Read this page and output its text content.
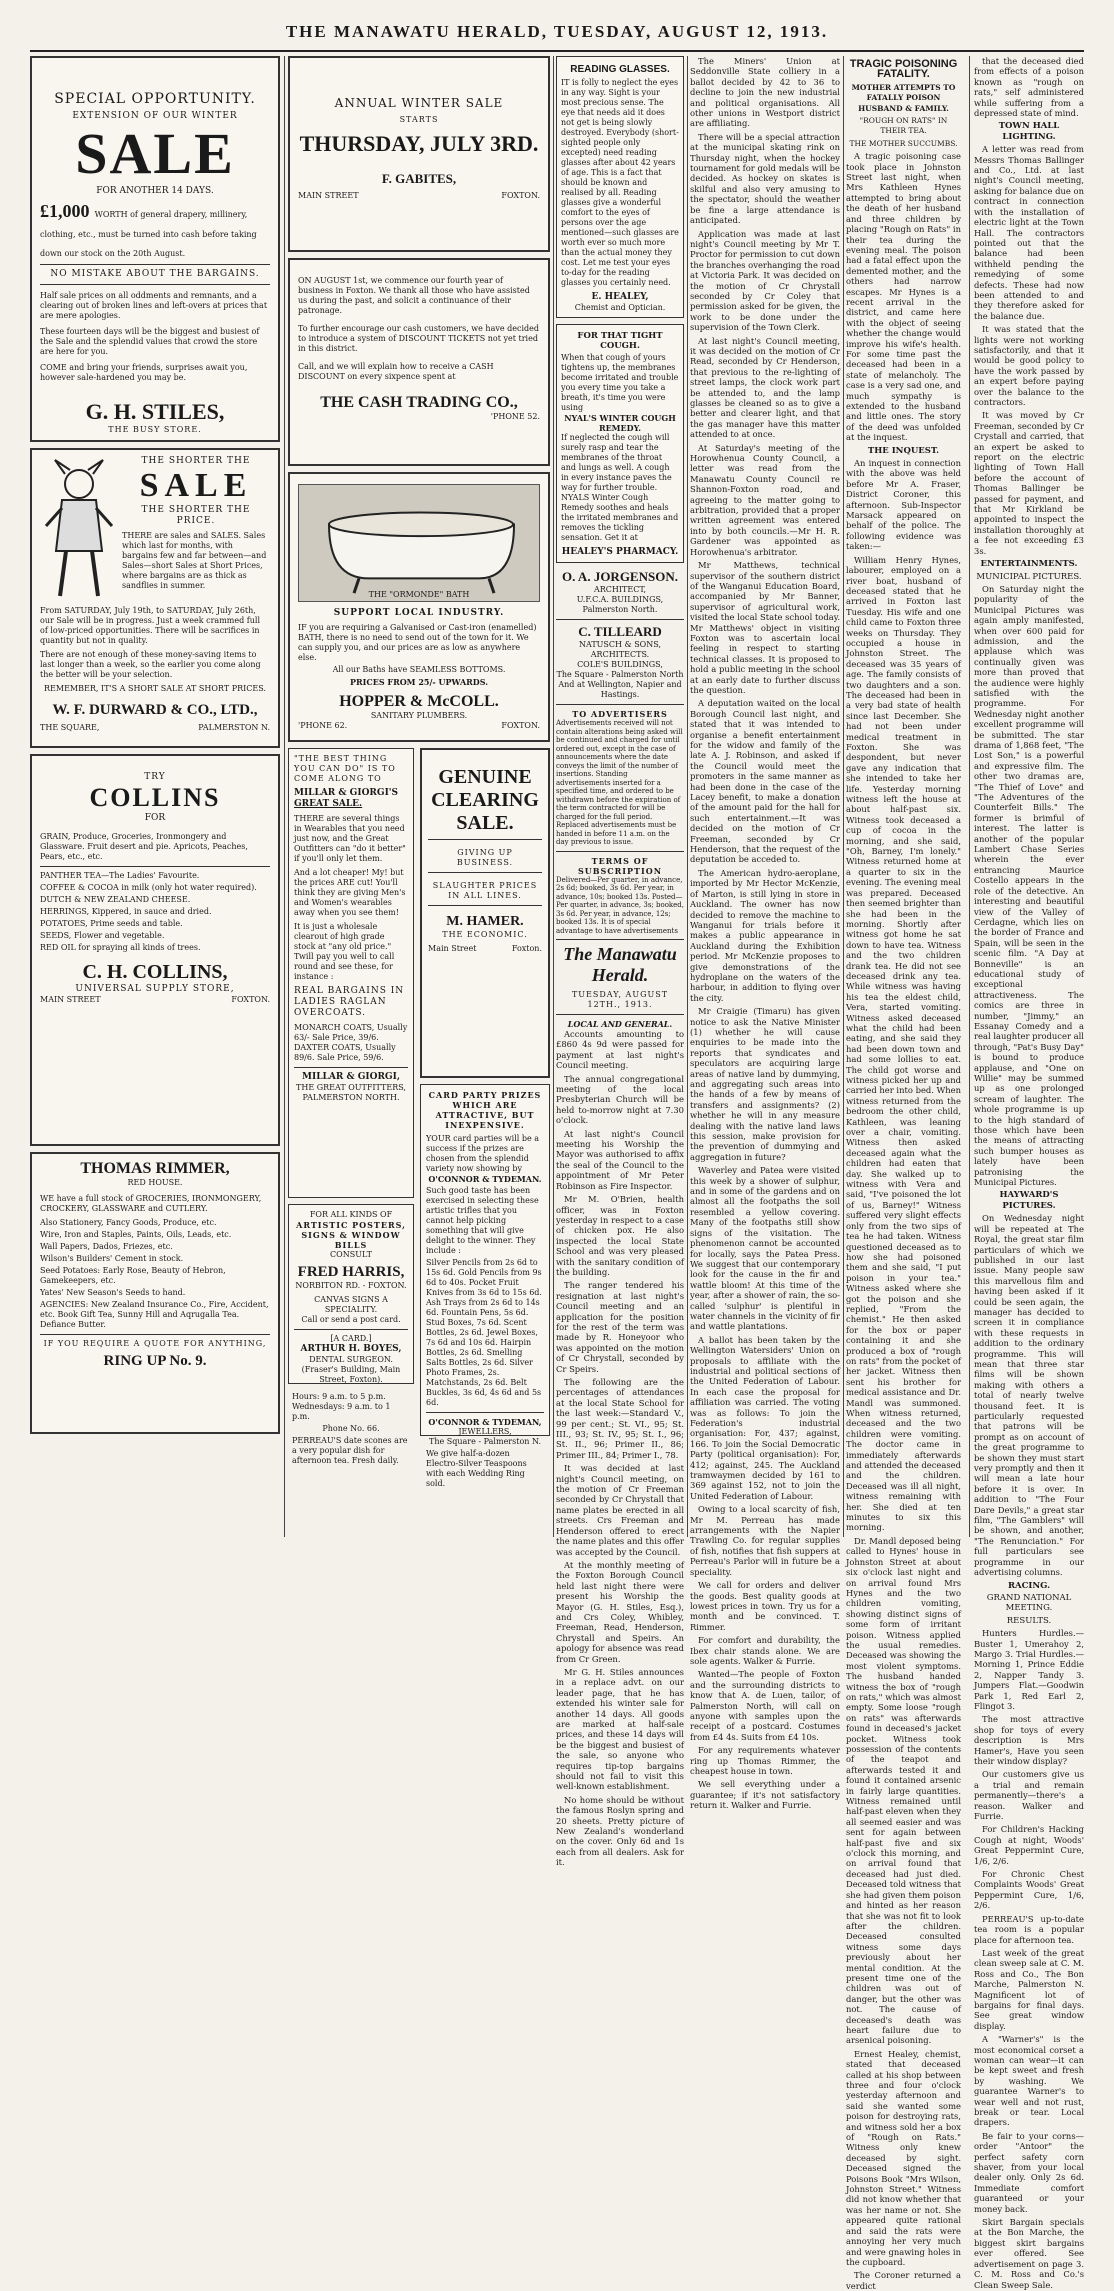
THE MANAWATU HERALD, TUESDAY, AUGUST 12, 1913.
SPECIAL OPPORTUNITY.
EXTENSION OF OUR WINTER
SALE
FOR ANOTHER 14 DAYS.
£1,000 WORTH of general drapery, millinery, clothing, etc., must be turned into cash before taking down our stock on the 20th August.
NO MISTAKE ABOUT THE BARGAINS.
Half sale prices on all oddments and remnants, and a clearing out of broken lines and left-overs at prices that are mere apologies.
These fourteen days will be the biggest and busiest of the Sale and the splendid values that crowd the store are here for you.
COME and bring your friends, surprises await you, however sale-hardened you may be.
G. H. STILES,
THE BUSY STORE.
THE SHORTER THE
SALE
THE SHORTER THE PRICE.
THERE are sales and SALES. Sales which last for months, with bargains few and far between—and Sales—short Sales at Short Prices, where bargains are as thick as sandflies in summer.
From SATURDAY, July 19th, to SATURDAY, July 26th, our Sale will be in progress. Just a week crammed full of low-priced opportunities. There will be sacrifices in quantity but not in quality.
There are not enough of these money-saving items to last longer than a week, so the earlier you come along the better will be your selection.
REMEMBER, IT'S A SHORT SALE AT SHORT PRICES.
W. F. DURWARD & CO., LTD.,
THE SQUARE,	PALMERSTON N.
TRY
COLLINS
FOR
GRAIN, Produce, Groceries, Ironmongery and Glassware. Fruit desert and pie. Apricots, Peaches, Pears, etc., etc.

PANTHER TEA—The Ladies' Favourite.

COFFEE & COCOA in milk (only hot water required).

DUTCH & NEW ZEALAND CHEESE.

HERRINGS, Kippered, in sauce and dried.

POTATOES, Prime seeds and table.

SEEDS, Flower and vegetable.

RED OIL for spraying all kinds of trees.

C. H. COLLINS,
UNIVERSAL SUPPLY STORE,
MAIN STREET	FOXTON.
THOMAS RIMMER,
RED HOUSE.
WE have a full stock of GROCERIES, IRONMONGERY, CROCKERY, GLASSWARE and CUTLERY.

Also Stationery, Fancy Goods, Produce, etc.

Wire, Iron and Staples, Paints, Oils, Leads, etc.

Wall Papers, Dados, Friezes, etc.

Wilson's Builders' Cement in stock.

Seed Potatoes: Early Rose, Beauty of Hebron, Gamekeepers, etc.

Yates' New Season's Seeds to hand.

AGENCIES: New Zealand Insurance Co., Fire, Accident, etc. Book Gift Tea, Sunny Hill and Aqrugalla Tea. Defiance Butter.

IF YOU REQUIRE A QUOTE FOR ANYTHING,
RING UP No. 9.
ANNUAL WINTER SALE
STARTS
THURSDAY, JULY 3RD.
F. GABITES,
MAIN STREET	FOXTON.
ON AUGUST 1st, we commence our fourth year of business in Foxton. We thank all those who have assisted us during the past, and solicit a continuance of their patronage.
To further encourage our cash customers, we have decided to introduce a system of DISCOUNT TICKETS not yet tried in this district.
Call, and we will explain how to receive a CASH DISCOUNT on every sixpence spent at
THE CASH TRADING CO.,
'PHONE 52.
THE "ORMONDE" BATH
SUPPORT LOCAL INDUSTRY.
IF you are requiring a Galvanised or Cast-iron (enamelled) BATH, there is no need to send out of the town for it. We can supply you, and our prices are as low as anywhere else.
All our Baths have SEAMLESS BOTTOMS.
PRICES FROM 25/- UPWARDS.
HOPPER & McCOLL.
SANITARY PLUMBERS.
'PHONE 62.	FOXTON.
"THE BEST THING YOU CAN DO" IS TO COME ALONG TO
MILLAR & GIORGI'S
GREAT SALE.
THERE are several things in Wearables that you need just now, and the Great Outfitters can "do it better" if you'll only let them.
And a lot cheaper! My! but the prices ARE cut! You'll think they are giving Men's and Women's wearables away when you see them!
It is just a wholesale clearout of high grade stock at "any old price." Twill pay you well to call round and see these, for instance :
REAL BARGAINS IN LADIES RAGLAN OVERCOATS.
MONARCH COATS, Usually 63/- Sale Price, 39/6.
DAXTER COATS, Usually 89/6. Sale Price, 59/6.
MILLAR & GIORGI,
THE GREAT OUTFITTERS,
PALMERSTON NORTH.
FOR ALL KINDS OF
ARTISTIC POSTERS, SIGNS & WINDOW BILLS
CONSULT
FRED HARRIS,
NORBITON RD. - FOXTON.
CANVAS SIGNS A SPECIALITY.
Call or send a post card.
[A CARD.]
ARTHUR H. BOYES,
DENTAL SURGEON.
(Fraser's Building, Main Street, Foxton).
Hours: 9 a.m. to 5 p.m. Wednesdays: 9 a.m. to 1 p.m.
Phone No. 66.
PERREAU'S date scones are a very popular dish for afternoon tea. Fresh daily.
GENUINE
CLEARING
SALE.
GIVING UP BUSINESS.
SLAUGHTER PRICES IN ALL LINES.
M. HAMER.
THE ECONOMIC.
Main Street	Foxton.
CARD PARTY PRIZES WHICH ARE ATTRACTIVE, BUT INEXPENSIVE.
YOUR card parties will be a success if the prizes are chosen from the splendid variety now showing by
O'CONNOR & TYDEMAN.
Such good taste has been exercised in selecting these artistic trifles that you cannot help picking something that will give delight to the winner. They include :
Silver Pencils from 2s 6d to 15s 6d. Gold Pencils from 9s 6d to 40s. Pocket Fruit Knives from 3s 6d to 15s 6d. Ash Trays from 2s 6d to 14s 6d. Fountain Pens, 5s 6d. Stud Boxes, 7s 6d. Scent Bottles, 2s 6d. Jewel Boxes, 7s 6d and 10s 6d. Hairpin Bottles, 2s 6d. Smelling Salts Bottles, 2s 6d. Silver Photo Frames, 2s. Matchstands, 2s 6d. Belt Buckles, 3s 6d, 4s 6d and 5s 6d.
O'CONNOR & TYDEMAN,
JEWELLERS,
The Square - Palmerston N.
We give half-a-dozen Electro-Silver Teaspoons with each Wedding Ring sold.
READING GLASSES.
IT is folly to neglect the eyes in any way. Sight is your most precious sense. The eye that needs aid it does not get is being slowly destroyed. Everybody (short-sighted people only excepted) need reading glasses after about 42 years of age. This is a fact that should be known and realised by all. Reading glasses give a wonderful comfort to the eyes of persons over the age mentioned—such glasses are worth ever so much more than the actual money they cost. Let me test your eyes to-day for the reading glasses you certainly need.
E. HEALEY,
Chemist and Optician.
FOR THAT TIGHT COUGH.
When that cough of yours tightens up, the membranes become irritated and trouble you every time you take a breath, it's time you were using
NYAL'S WINTER COUGH REMEDY.
If neglected the cough will surely rasp and tear the membranes of the throat and lungs as well. A cough in every instance paves the way for further trouble. NYALS Winter Cough Remedy soothes and heals the irritated membranes and removes the tickling sensation. Get it at
HEALEY'S PHARMACY.
O. A. JORGENSON.
ARCHITECT,
U.F.C.A. BUILDINGS,
Palmerston North.
C. TILLEARD
NATUSCH & SONS,
ARCHITECTS.
COLE'S BUILDINGS,
The Square - Palmerston North
And at Wellington, Napier and Hastings.
TO ADVERTISERS
Advertisements received will not contain alterations being asked will be continued and charged for until ordered out, except in the case of announcements where the date conveys the limit of the number of insertions. Standing advertisements inserted for a specified time, and ordered to be withdrawn before the expiration of the term contracted for will be charged for the full period. Replaced advertisements must be handed in before 11 a.m. on the day previous to issue.
TERMS OF SUBSCRIPTION
Delivered—Per quarter, in advance, 2s 6d; booked, 3s 6d. Per year, in advance, 10s; booked 13s. Posted—Per quarter, in advance, 3s; booked, 3s 6d. Per year, in advance, 12s; booked 13s. It is of special advantage to have advertisements
The Manawatu Herald.
TUESDAY, AUGUST 12TH., 1913.
LOCAL AND GENERAL.

Accounts amounting to £860 4s 9d were passed for payment at last night's Council meeting.

The annual congregational meeting of the local Presbyterian Church will be held to-morrow night at 7.30 o'clock.

At last night's Council meeting his Worship the Mayor was authorised to affix the seal of the Council to the appointment of Mr Peter Robinson as Fire Inspector.

Mr M. O'Brien, health officer, was in Foxton yesterday in respect to a case of chicken pox. He also inspected the local State School and was very pleased with the sanitary condition of the building.

The ranger tendered his resignation at last night's Council meeting and an application for the position for the rest of the term was made by R. Honeyoor who was appointed on the motion of Cr Chrystall, seconded by Cr Speirs.

The following are the percentages of attendances at the local State School for the last week:—Standard V., 99 per cent.; St. VI., 95; St. III., 93; St. IV., 95; St. I., 96; St. II., 96; Primer II., 86; Primer III., 84; Primer I., 78.

It was decided at last night's Council meeting, on the motion of Cr Freeman seconded by Cr Chrystall that name plates be erected in all streets. Crs Freeman and Henderson offered to erect the name plates and this offer was accepted by the Council.

At the monthly meeting of the Foxton Borough Council held last night there were present his Worship the Mayor (G. H. Stiles, Esq.), and Crs Coley, Whibley, Freeman, Read, Henderson, Chrystall and Speirs. An apology for absence was read from Cr Green.

Mr G. H. Stiles announces in a replace advt. on our leader page, that he has extended his winter sale for another 14 days. All goods are marked at half-sale prices, and these 14 days will be the biggest and busiest of the sale, so anyone who requires tip-top bargains should not fail to visit this well-known establishment.

No home should be without the famous Roslyn spring and 20 sheets. Pretty picture of New Zealand's wonderland on the cover. Only 6d and 1s each from all dealers. Ask for it.

The Miners' Union at Seddonville State colliery in a ballot decided by 42 to 36 to decline to join the new industrial and political organisations. All other unions in Westport district are affiliating.

There will be a special attraction at the municipal skating rink on Thursday night, when the hockey tournament for gold medals will be decided. As hockey on skates is skilful and also very amusing to the spectator, should the weather be fine a large attendance is anticipated.

Application was made at last night's Council meeting by Mr T. Proctor for permission to cut down the branches overhanging the road at Victoria Park. It was decided on the motion of Cr Chrystall seconded by Cr Coley that permission asked for be given, the work to be done under the supervision of the Town Clerk.

At last night's Council meeting, it was decided on the motion of Cr Read, seconded by Cr Henderson, that previous to the re-lighting of street lamps, the clock work part be attended to, and the lamp glasses be cleaned so as to give a better and clearer light, and that the gas manager have this matter attended to at once.

At Saturday's meeting of the Horowhenua County Council, a letter was read from the Manawatu County Council re Shannon-Foxton road, and agreeing to the matter going to arbitration, provided that a proper written agreement was entered into by both councils.—Mr H. R. Gardener was appointed as Horowhenua's arbitrator.

Mr Matthews, technical supervisor of the southern district of the Wanganui Education Board, accompanied by Mr Banner, supervisor of agricultural work, visited the local State school today. Mr Matthews' object in visiting Foxton was to ascertain local feeling in respect to starting technical classes. It is proposed to hold a public meeting in the school at an early date to further discuss the question.

A deputation waited on the local Borough Council last night, and stated that it was intended to organise a benefit entertainment for the widow and family of the late A. J. Robinson, and asked if the Council would meet the promoters in the same manner as had been done in the case of the Lacey benefit, to make a donation of the amount paid for the hall for such entertainment.—It was decided on the motion of Cr Freeman, seconded by Cr Henderson, that the request of the deputation be acceded to.

The American hydro-aeroplane, imported by Mr Hector McKenzie, of Marton, is still lying in store in Auckland. The owner has now decided to remove the machine to Wanganui for trials before it makes a public appearance in Auckland during the Exhibition period. Mr McKenzie proposes to give demonstrations of the hydroplane on the waters of the harbour, in addition to flying over the city.

Mr Craigie (Timaru) has given notice to ask the Native Minister (1) whether he will cause enquiries to be made into the reports that syndicates and speculators are acquiring large areas of native land by dummying, and aggregating such areas into the hands of a few by means of transfers and assignments? (2) whether he will in any measure dealing with the native land laws this session, make provision for the prevention of dummying and aggregation in future?

Waverley and Patea were visited this week by a shower of sulphur, and in some of the gardens and on almost all the footpaths the soil resembled a yellow covering. Many of the footpaths still show signs of the visitation. The phenomenon cannot be accounted for locally, says the Patea Press. We suggest that our contemporary look for the cause in the fir and wattle bloom! At this time of the year, after a shower of rain, the so-called 'sulphur' is plentiful in water channels in the vicinity of fir and wattle plantations.

A ballot has been taken by the Wellington Watersiders' Union on proposals to affiliate with the industrial and political sections of the United Federation of Labour. In each case the proposal for affiliation was carried. The voting was as follows: To join the Federation's industrial organisation: For, 437; against, 166. To join the Social Democratic Party (political organisation): For, 412; against, 245. The Auckland tramwaymen decided by 161 to 369 against 152, not to join the United Federation of Labour.

Owing to a local scarcity of fish, Mr M. Perreau has made arrangements with the Napier Trawling Co. for regular supplies of fish, notifies that fish suppers at Perreau's Parlor will in future be a speciality.

We call for orders and deliver the goods. Best quality goods at lowest prices in town. Try us for a month and be convinced. T. Rimmer.

For comfort and durability, the Ibex chair stands alone. We are sole agents. Walker & Furrie.

Wanted—The people of Foxton and the surrounding districts to know that A. de Luen, tailor, of Palmerston North, will call on anyone with samples upon the receipt of a postcard. Costumes from £4 4s. Suits from £4 10s.

For any requirements whatever ring up Thomas Rimmer, the cheapest house in town.

We sell everything under a guarantee; if it's not satisfactory return it. Walker and Furrie.

TRAGIC POISONING FATALITY.
MOTHER ATTEMPTS TO FATALLY POISON HUSBAND & FAMILY.
"ROUGH ON RATS" IN THEIR TEA.
THE MOTHER SUCCUMBS.

A tragic poisoning case took place in Johnston Street last night, when Mrs Kathleen Hynes attempted to bring about the death of her husband and three children by placing "Rough on Rats" in their tea during the evening meal. The poison had a fatal effect upon the demented mother, and the others had narrow escapes. Mr Hynes is a recent arrival in the district, and came here with the object of seeing whether the change would improve his wife's health. For some time past the deceased had been in a state of melancholy. The case is a very sad one, and much sympathy is extended to the husband and little ones. The story of the deed was unfolded at the inquest.

THE INQUEST.

An inquest in connection with the above was held before Mr A. Fraser, District Coroner, this afternoon. Sub-Inspector Marsack appeared on behalf of the police. The following evidence was taken:—

William Henry Hynes, labourer, employed on a river boat, husband of deceased stated that he arrived in Foxton last Tuesday. His wife and one child came to Foxton three weeks on Thursday. They occupied a house in Johnston Street. The deceased was 35 years of age. The family consists of two daughters and a son. The deceased had been in a very bad state of health since last December. She had not been under medical treatment in Foxton. She was despondent, but never gave any indication that she intended to take her life. Yesterday morning witness left the house at about half-past six. Witness took deceased a cup of cocoa in the morning, and she said, "Oh, Barney, I'm lonely." Witness returned home at a quarter to six in the evening. The evening meal was prepared. Deceased then seemed brighter than she had been in the morning. Shortly after witness got home he sat down to have tea. Witness and the two children drank tea. He did not see deceased drink any tea. While witness was having his tea the eldest child, Vera, started vomiting. Witness asked deceased what the child had been eating, and she said they had been down town and had some lollies to eat. The child got worse and witness picked her up and carried her into bed. When witness returned from the bedroom the other child, Kathleen, was leaning over a chair, vomiting. Witness then asked deceased again what the children had eaten that day. She walked up to witness with Vera and said, "I've poisoned the lot of us, Barney!" Witness suffered very slight effects only from the two sips of tea he had taken. Witness questioned deceased as to how she had poisoned them and she said, "I put poison in your tea." Witness asked where she got the poison and she replied, "From the chemist." He then asked for the box or paper containing it and she produced a box of "rough on rats" from the pocket of her jacket. Witness then sent his brother for medical assistance and Dr. Mandl was summoned. When witness returned, deceased and the two children were vomiting. The doctor came in immediately afterwards and attended the deceased and the children. Deceased was ill all night, witness remaining with her. She died at ten minutes to six this morning.

Dr. Mandl deposed being called to Hynes' house in Johnston Street at about six o'clock last night and on arrival found Mrs Hynes and the two children vomiting, showing distinct signs of some form of irritant poison. Witness applied the usual remedies. Deceased was showing the most violent symptoms. The husband handed witness the box of "rough on rats," which was almost empty. Some loose "rough on rats" was afterwards found in deceased's jacket pocket. Witness took possession of the contents of the teapot and afterwards tested it and found it contained arsenic in fairly large quantities. Witness remained until half-past eleven when they all seemed easier and was sent for again between half-past five and six o'clock this morning, and on arrival found that deceased had just died. Deceased told witness that she had given them poison and hinted as her reason that she was not fit to look after the children. Deceased consulted witness some days previously about her mental condition. At the present time one of the children was out of danger, but the other was not. The cause of deceased's death was heart failure due to arsenical poisoning.

Ernest Healey, chemist, stated that deceased called at his shop between three and four o'clock yesterday afternoon and said she wanted some poison for destroying rats, and witness sold her a box of "Rough on Rats." Witness only knew deceased by sight. Deceased signed the Poisons Book "Mrs Wilson, Johnston Street." Witness did not know whether that was her name or not. She appeared quite rational and said the rats were annoying her very much and were gnawing holes in the cupboard.

The Coroner returned a verdict

that the deceased died from effects of a poison known as "rough on rats," self administered while suffering from a depressed state of mind.

TOWN HALL LIGHTING.

A letter was read from Messrs Thomas Ballinger and Co., Ltd. at last night's Council meeting, asking for balance due on contract in connection with the installation of electric light at the Town Hall. The contractors pointed out that the balance had been withheld pending the remedying of some defects. These had now been attended to and they therefore asked for the balance due.

It was stated that the lights were not working satisfactorily, and that it would be good policy to have the work passed by an expert before paying over the balance to the contractors.

It was moved by Cr Freeman, seconded by Cr Crystall and carried, that an expert be asked to report on the electric lighting of Town Hall before the account of Thomas Ballinger be passed for payment, and that Mr Kirkland be appointed to inspect the installation thoroughly at a fee not exceeding £3 3s.

ENTERTAINMENTS.
MUNICIPAL PICTURES.

On Saturday night the popularity of the Municipal Pictures was again amply manifested, when over 600 paid for admission, and the applause which was continually given was more than proved that the audience were highly satisfied with the programme. For Wednesday night another excellent programme will be submitted. The star drama of 1,868 feet, "The Lost Son," is a powerful and expressive film. The other two dramas are, "The Thief of Love" and "The Adventures of the Counterfeit Bills." The former is brimful of interest. The latter is another of the popular Lambert Chase Series wherein the ever entrancing Maurice Costello appears in the role of the detective. An interesting and beautiful view of the Valley of Cerdagne, which lies on the border of France and Spain, will be seen in the scenic film. "A Day at Bonneville" is an educational study of exceptional attractiveness. The comics are three in number, "Jimmy," an Essanay Comedy and a real laughter producer all through, "Pat's Busy Day" is bound to produce applause, and "One on Willie" may be summed up as one prolonged scream of laughter. The whole programme is up to the high standard of those which have been the means of attracting such bumper houses as lately have been patronising the Municipal Pictures.

HAYWARD'S PICTURES.

On Wednesday night will be repeated at The Royal, the great star film particulars of which we published in our last issue. Many people saw this marvellous film and having been asked if it could be seen again, the manager has decided to screen it in compliance with these requests in addition to the ordinary programme. This will mean that three star films will be shown making with others a total of nearly twelve thousand feet. It is particularly requested that patrons will be prompt as on account of the great programme to be shown they must start very promptly and then it will mean a late hour before it is over. In addition to "The Four Dare Devils," a great star film, "The Gamblers" will be shown, and another, "The Renunciation." For full particulars see programme in our advertising columns.

RACING.
GRAND NATIONAL MEETING.
RESULTS.

Hunters Hurdles.—Buster 1, Umerahoy 2, Margo 3. Trial Hurdles.—Morning 1, Prince Eddie 2, Napper Tandy 3. Jumpers Flat.—Goodwin Park 1, Red Earl 2, Flingot 3.

The most attractive shop for toys of every description is Mrs Hamer's, Have you seen their window display?

Our customers give us a trial and remain permanently—there's a reason. Walker and Furrie.

For Children's Hacking Cough at night, Woods' Great Peppermint Cure, 1/6, 2/6.

For Chronic Chest Complaints Woods' Great Peppermint Cure, 1/6, 2/6.

PERREAU'S up-to-date tea room is a popular place for afternoon tea.

Last week of the great clean sweep sale at C. M. Ross and Co., The Bon Marche, Palmerston N. Magnificent lot of bargains for final days. See great window display.

A "Warner's" is the most economical corset a woman can wear—it can be kept sweet and fresh by washing. We guarantee Warner's to wear well and not rust, break or tear. Local drapers.

Be fair to your corns—order "Antoor" the perfect safety corn shaver, from your local dealer only. Only 2s 6d. Immediate comfort guaranteed or your money back.

Skirt Bargain specials at the Bon Marche, the biggest skirt bargains ever offered. See advertisement on page 3. C. M. Ross and Co.'s Clean Sweep Sale.
